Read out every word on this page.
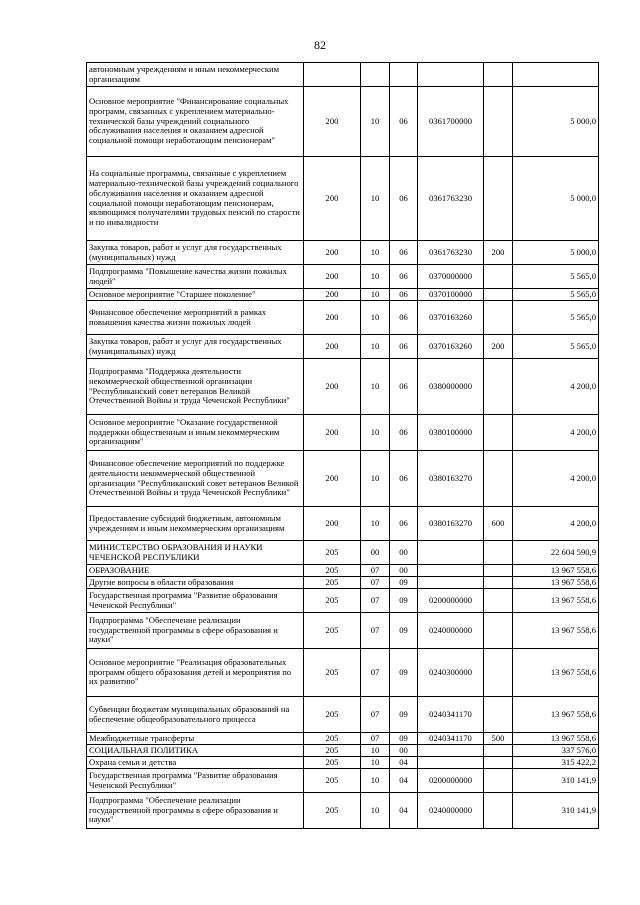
82
автономным учреждениям и иным некоммерческим организациям						
Основное мероприятие "Финансирование социальных программ, связанных с укреплением материально-технической базы учреждений социального обслуживания населения и оказанием адресной социальной помощи неработающим пенсионерам"	200	10	06	0361700000		5 000,0
На социальные программы, связанные с укреплением материально-технической базы учреждений социального обслуживания населения и оказанием адресной социальной помощи неработающим пенсионерам, являющимся получателями трудовых пенсий по старости и по инвалидности	200	10	06	0361763230		5 000,0
Закупка товаров, работ и услуг для государственных (муниципальных) нужд	200	10	06	0361763230	200	5 000,0
Подпрограмма "Повышение качества жизни пожилых людей"	200	10	06	0370000000		5 565,0
Основное мероприятие "Старшее поколение"	200	10	06	0370100000		5 565,0
Финансовое обеспечение мероприятий в рамках повышения качества жизни пожилых людей	200	10	06	0370163260		5 565,0
Закупка товаров, работ и услуг для государственных (муниципальных) нужд	200	10	06	0370163260	200	5 565,0
Подпрограмма "Поддержка деятельности некоммерческой общественной организации "Республиканский совет ветеранов Великой Отечественной Войны и труда Чеченской Республики"	200	10	06	0380000000		4 200,0
Основное мероприятие "Оказание государственной поддержки общественным и иным некоммерческим организациям"	200	10	06	0380100000		4 200,0
Финансовое обеспечение мероприятий по поддержке деятельности некоммерческой общественной организации "Республиканский совет ветеранов Великой Отечественной Войны и труда Чеченской Республики"	200	10	06	0380163270		4 200,0
Предоставление субсидий бюджетным, автономным учреждениям и иным некоммерческим организациям	200	10	06	0380163270	600	4 200,0
МИНИСТЕРСТВО ОБРАЗОВАНИЯ И НАУКИ ЧЕЧЕНСКОЙ РЕСПУБЛИКИ	205	00	00			22 604 590,9
ОБРАЗОВАНИЕ	205	07	00			13 967 558,6
Другие вопросы в области образования	205	07	09			13 967 558,6
Государственная программа "Развитие образования Чеченской Республики"	205	07	09	0200000000		13 967 558,6
Подпрограмма "Обеспечение реализации государственной программы в сфере образования и науки"	205	07	09	0240000000		13 967 558,6
Основное мероприятие "Реализация образовательных программ общего образования детей и мероприятия по их развитию"	205	07	09	0240300000		13 967 558,6
Субвенции бюджетам муниципальных образований на обеспечение общеобразовательного процесса	205	07	09	0240341170		13 967 558,6
Межбюджетные трансферты	205	07	09	0240341170	500	13 967 558,6
СОЦИАЛЬНАЯ ПОЛИТИКА	205	10	00			337 576,0
Охрана семьи и детства	205	10	04			315 422,2
Государственная программа "Развитие образования Чеченской Республики"	205	10	04	0200000000		310 141,9
Подпрограмма "Обеспечение реализации государственной программы в сфере образования и науки"	205	10	04	0240000000		310 141,9
